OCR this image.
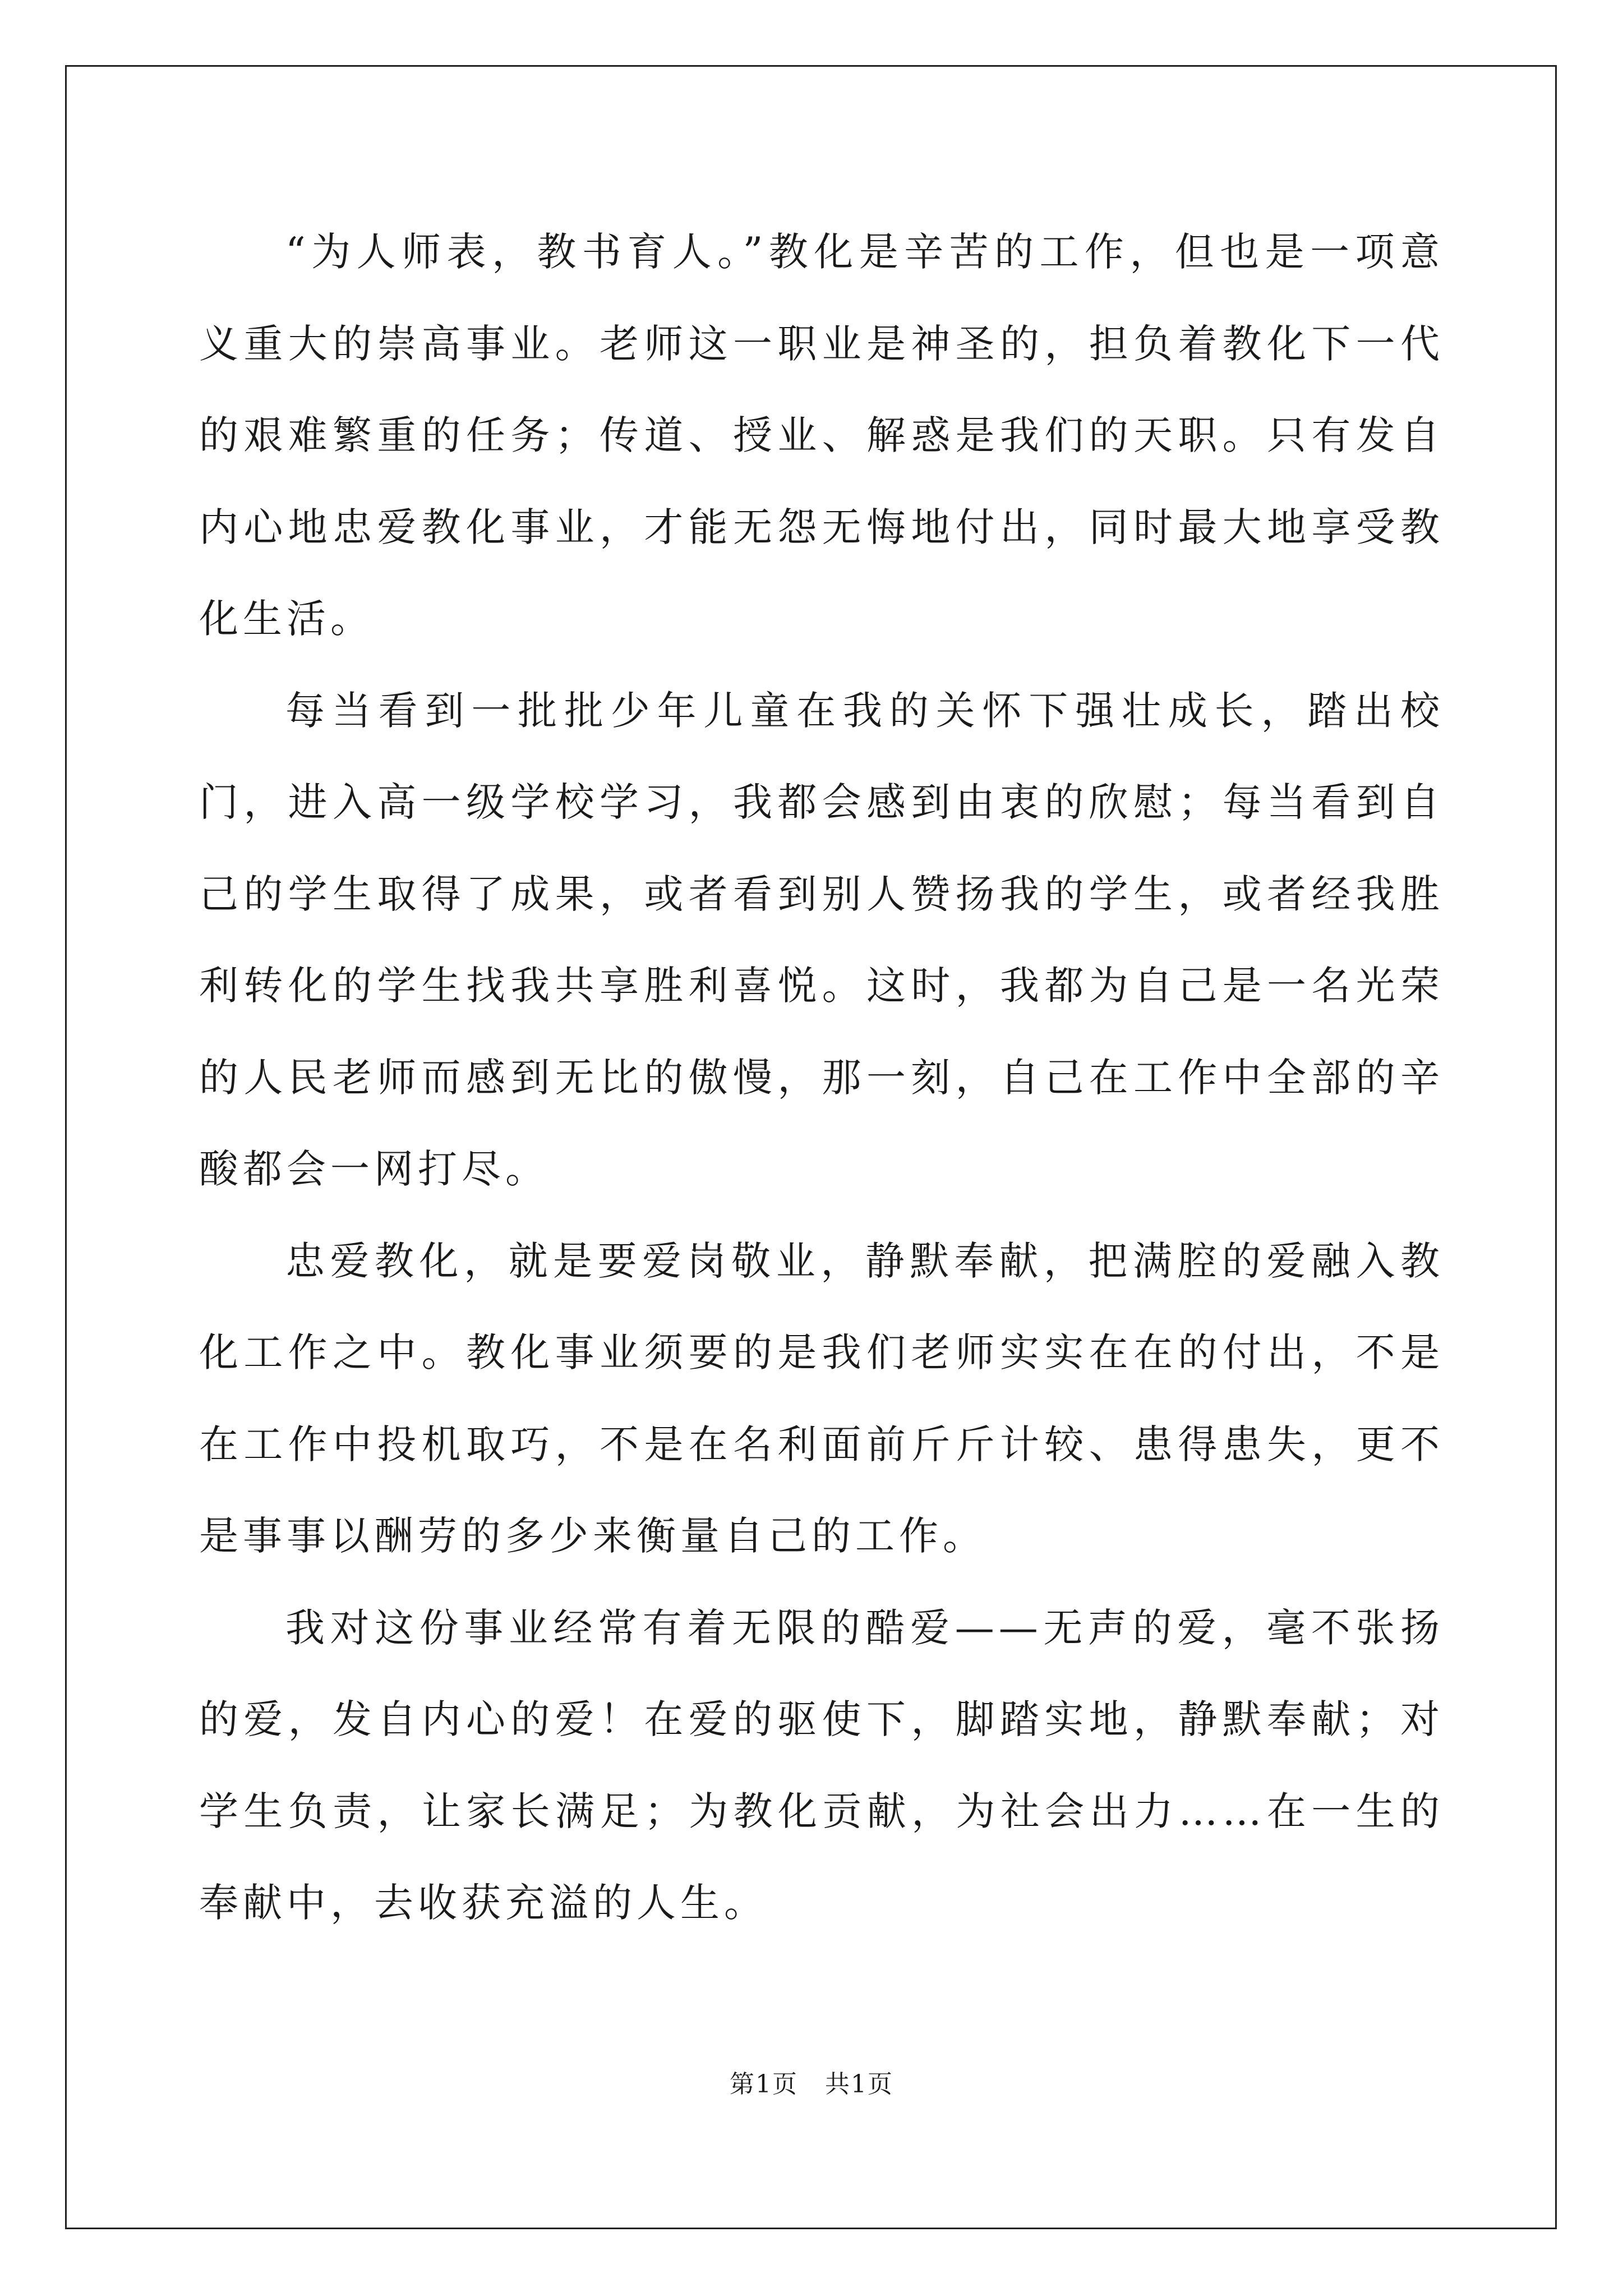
“为人师表，教书育人。”教化是辛苦的工作，但也是一项意义重大的崇高事业。老师这一职业是神圣的，担负着教化下一代的艰难繁重的任务；传道、授业、解惑是我们的天职。只有发自内心地忠爱教化事业，才能无怨无悔地付出，同时最大地享受教化生活。

每当看到一批批少年儿童在我的关怀下强壮成长，踏出校门，进入高一级学校学习，我都会感到由衷的欣慰；每当看到自己的学生取得了成果，或者看到别人赞扬我的学生，或者经我胜利转化的学生找我共享胜利喜悦。这时，我都为自己是一名光荣的人民老师而感到无比的傲慢，那一刻，自己在工作中全部的辛酸都会一网打尽。

忠爱教化，就是要爱岗敬业，静默奉献，把满腔的爱融入教化工作之中。教化事业须要的是我们老师实实在在的付出，不是在工作中投机取巧，不是在名利面前斤斤计较、患得患失，更不是事事以酬劳的多少来衡量自己的工作。

我对这份事业经常有着无限的酷爱——无声的爱，毫不张扬的爱，发自内心的爱！在爱的驱使下，脚踏实地，静默奉献；对学生负责，让家长满足；为教化贡献，为社会出力……在一生的奉献中，去收获充溢的人生。

第1页 共1页
